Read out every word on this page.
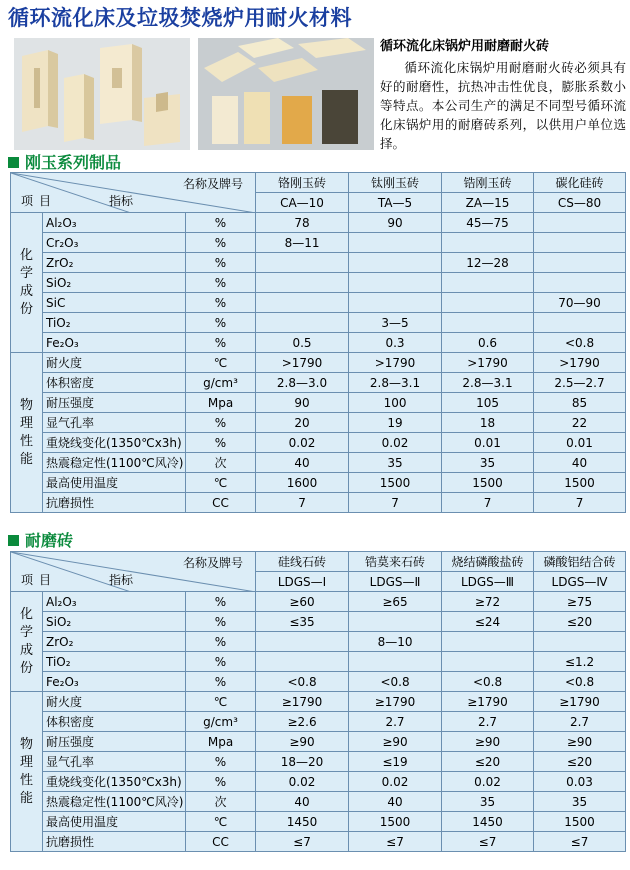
循环流化床及垃圾焚烧炉用耐火材料
循环流化床锅炉用耐磨耐火砖
循环流化床锅炉用耐磨耐火砖必须具有好的耐磨性，抗热冲击性优良，膨胀系数小等特点。本公司生产的满足不同型号循环流化床锅炉用的耐磨砖系列，以供用户单位选择。
刚玉系列制品
名称及牌号
项目 指标			铬刚玉砖	钛刚玉砖	锆刚玉砖	碳化硅砖
			CA—10	TA—5	ZA—15	CS—80

化
学
成
份	Al₂O₃	%	78	90	45—75	
	Cr₂O₃	%	8—11			
	ZrO₂	%			12—28	
	SiO₂	%				
	SiC	%				70—90
	TiO₂	%		3—5		
	Fe₂O₃	%	0.5	0.3	0.6	<0.8

物
理
性
能	耐火度	℃	>1790	>1790	>1790	>1790
	体积密度	g/cm³	2.8—3.0	2.8—3.1	2.8—3.1	2.5—2.7
	耐压强度	Mpa	90	100	105	85
	显气孔率	%	20	19	18	22
	重烧线变化(1350℃x3h)	%	0.02	0.02	0.01	0.01
	热震稳定性(1100℃风冷)	次	40	35	35	40
	最高使用温度	℃	1600	1500	1500	1500
	抗磨损性	CC	7	7	7	7
耐磨砖
名称及牌号
项目 指标			硅线石砖	锆莫来石砖	烧结磷酸盐砖	磷酸铝结合砖
			LDGS—Ⅰ	LDGS—Ⅱ	LDGS—Ⅲ	LDGS—Ⅳ

化
学
成
份	Al₂O₃	%	≥60	≥65	≥72	≥75
	SiO₂	%	≤35		≤24	≤20
	ZrO₂	%		8—10		
	TiO₂	%				≤1.2
	Fe₂O₃	%	<0.8	<0.8	<0.8	<0.8

物
理
性
能	耐火度	℃	≥1790	≥1790	≥1790	≥1790
	体积密度	g/cm³	≥2.6	2.7	2.7	2.7
	耐压强度	Mpa	≥90	≥90	≥90	≥90
	显气孔率	%	18—20	≤19	≤20	≤20
	重烧线变化(1350℃x3h)	%	0.02	0.02	0.02	0.03
	热震稳定性(1100℃风冷)	次	40	40	35	35
	最高使用温度	℃	1450	1500	1450	1500
	抗磨损性	CC	≤7	≤7	≤7	≤7
